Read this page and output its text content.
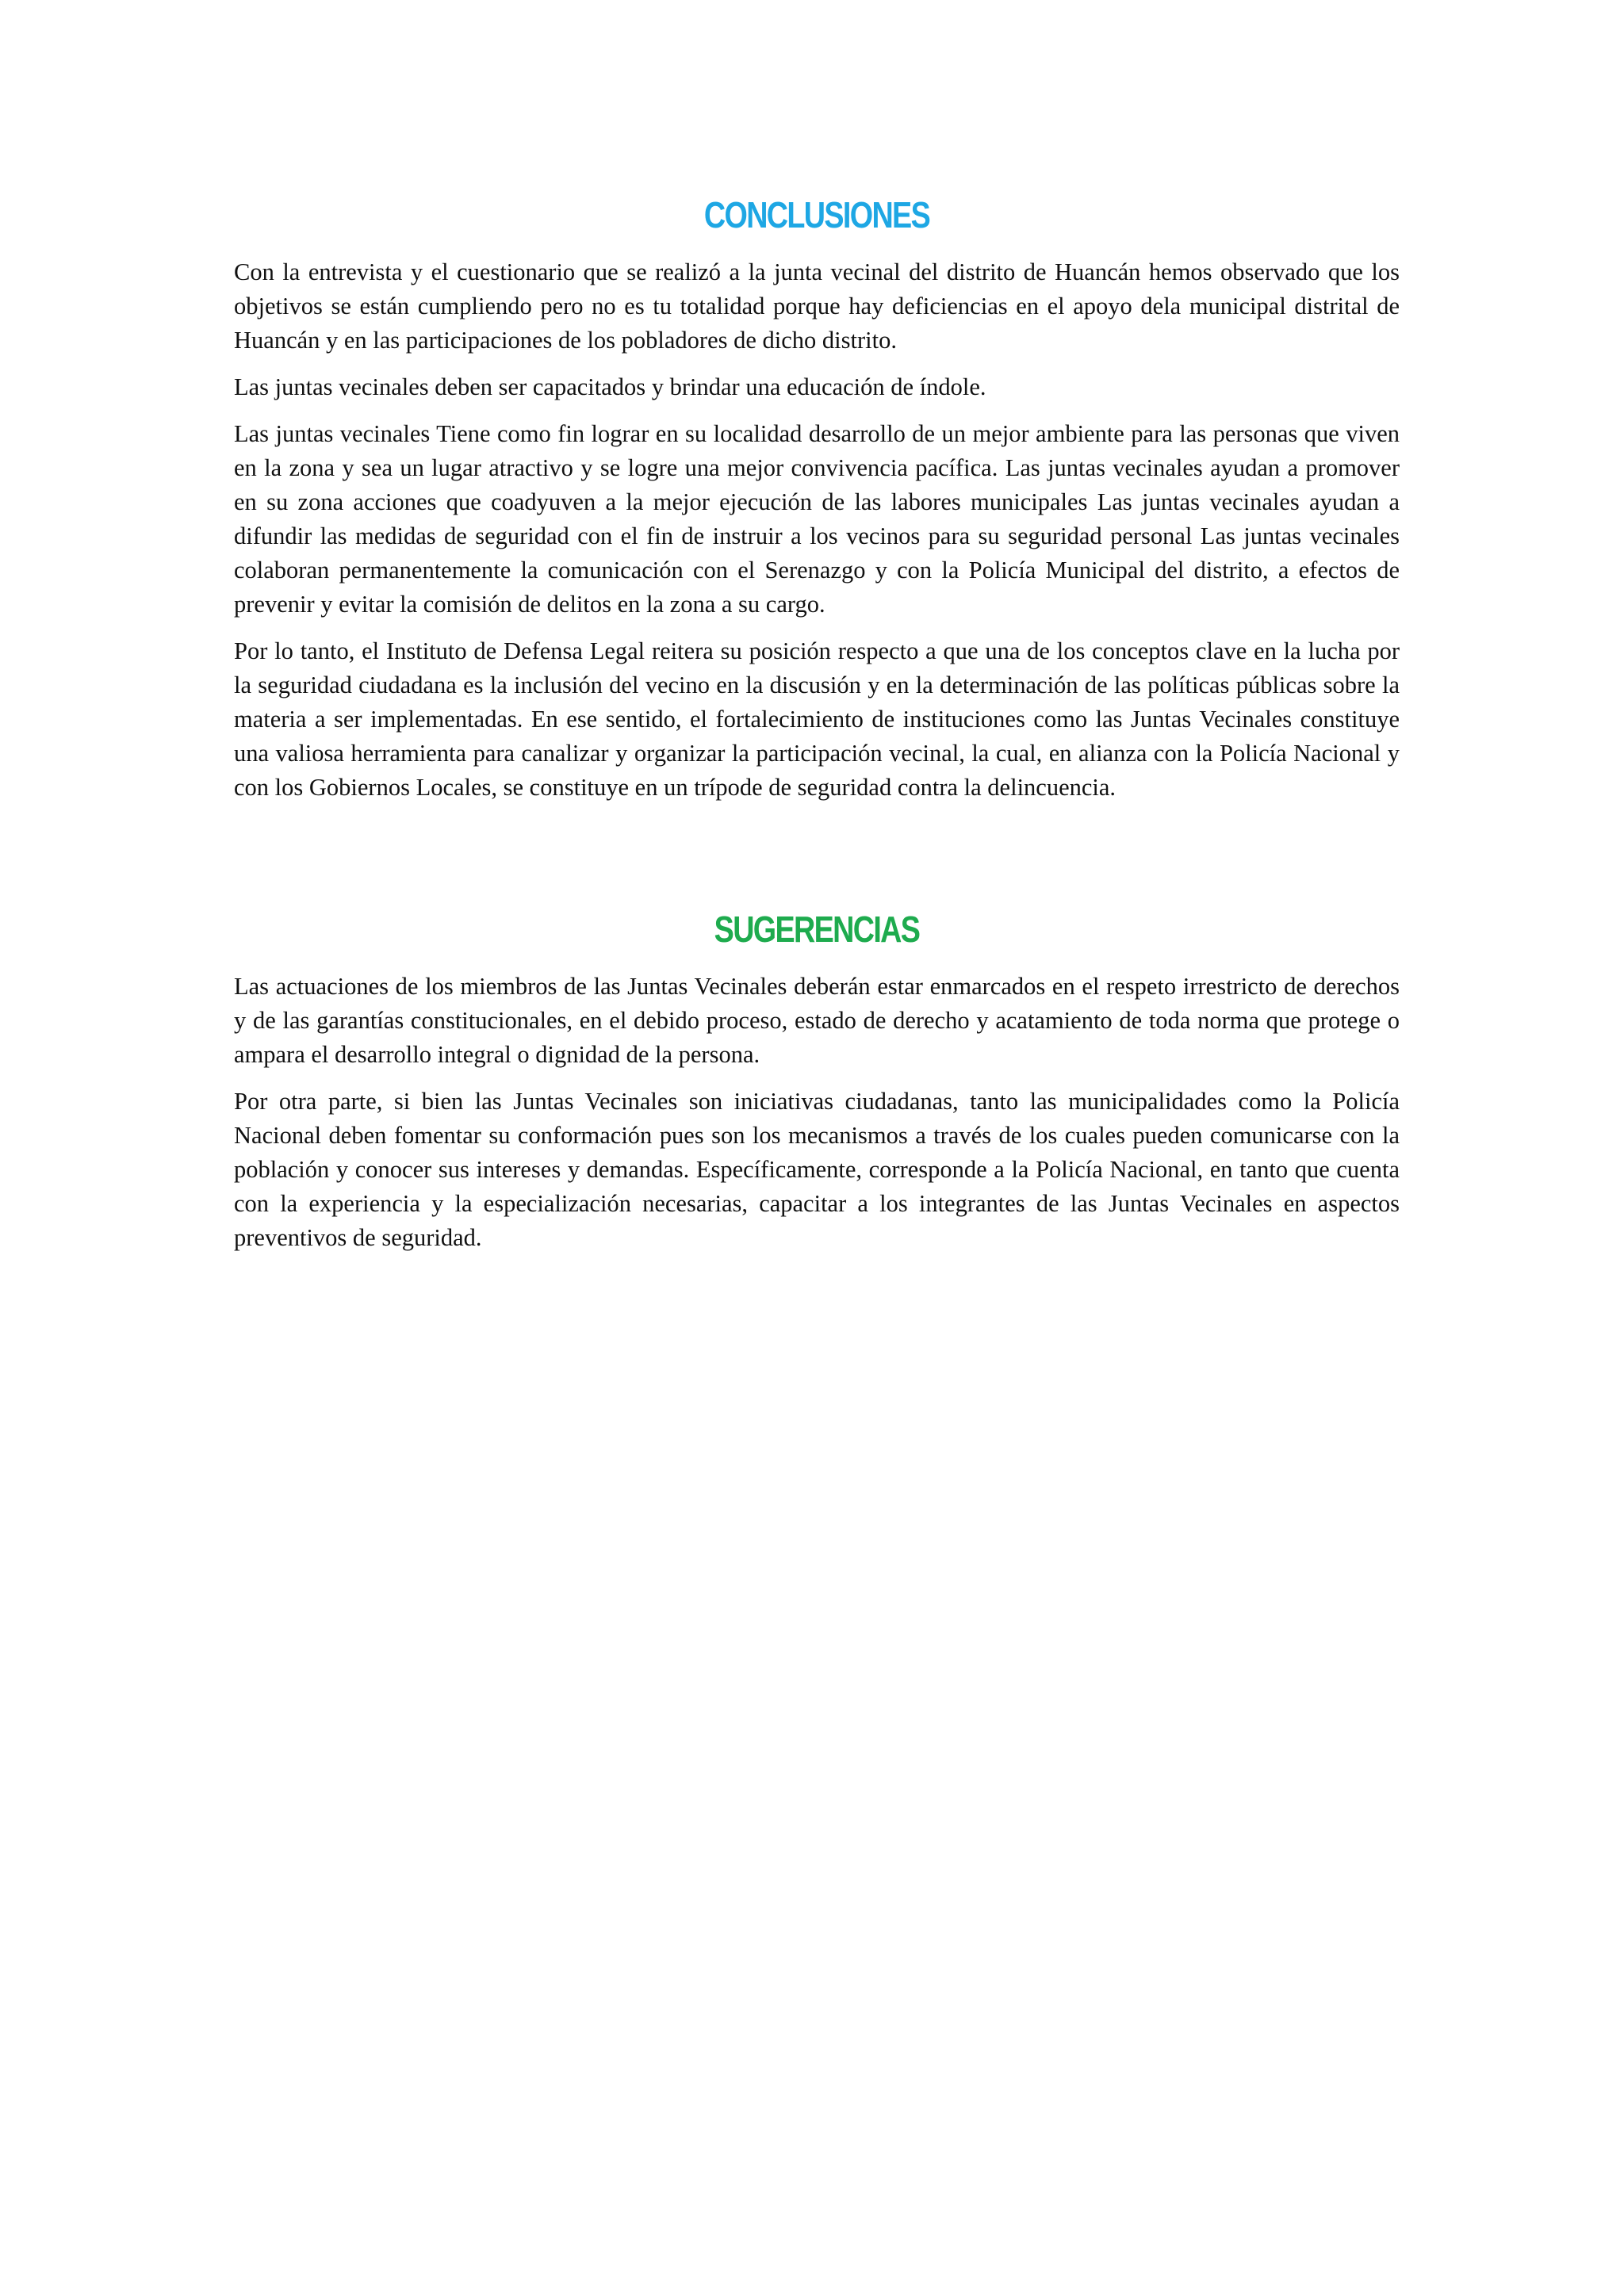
CONCLUSIONES

Con la entrevista y el cuestionario que se realizó a la junta vecinal del distrito de Huancán hemos observado que los objetivos se están cumpliendo pero no es tu totalidad porque hay deficiencias en el apoyo dela municipal distrital de Huancán y en las participaciones de los pobladores de dicho distrito.

Las juntas vecinales deben ser capacitados y brindar una educación de índole.

Las juntas vecinales Tiene como fin lograr en su localidad desarrollo de un mejor ambiente para las personas que viven en la zona y sea un lugar atractivo y se logre una mejor convivencia pacífica. Las juntas vecinales ayudan a promover en su zona acciones que coadyuven a la mejor ejecución de las labores municipales Las juntas vecinales ayudan a difundir las medidas de seguridad con el fin de instruir a los vecinos para su seguridad personal Las juntas vecinales colaboran permanentemente la comunicación con el Serenazgo y con la Policía Municipal del distrito, a efectos de prevenir y evitar la comisión de delitos en la zona a su cargo.

Por lo tanto, el Instituto de Defensa Legal reitera su posición respecto a que una de los conceptos clave en la lucha por la seguridad ciudadana es la inclusión del vecino en la discusión y en la determinación de las políticas públicas sobre la materia a ser implementadas. En ese sentido, el fortalecimiento de instituciones como las Juntas Vecinales constituye una valiosa herramienta para canalizar y organizar la participación vecinal, la cual, en alianza con la Policía Nacional y con los Gobiernos Locales, se constituye en un trípode de seguridad contra la delincuencia.

SUGERENCIAS

Las actuaciones de los miembros de las Juntas Vecinales deberán estar enmarcados en el respeto irrestricto de derechos y de las garantías constitucionales, en el debido proceso, estado de derecho y acatamiento de toda norma que protege o ampara el desarrollo integral o dignidad de la persona.

Por otra parte, si bien las Juntas Vecinales son iniciativas ciudadanas, tanto las municipalidades como la Policía Nacional deben fomentar su conformación pues son los mecanismos a través de los cuales pueden comunicarse con la población y conocer sus intereses y demandas. Específicamente, corresponde a la Policía Nacional, en tanto que cuenta con la experiencia y la especialización necesarias, capacitar a los integrantes de las Juntas Vecinales en aspectos preventivos de seguridad.
